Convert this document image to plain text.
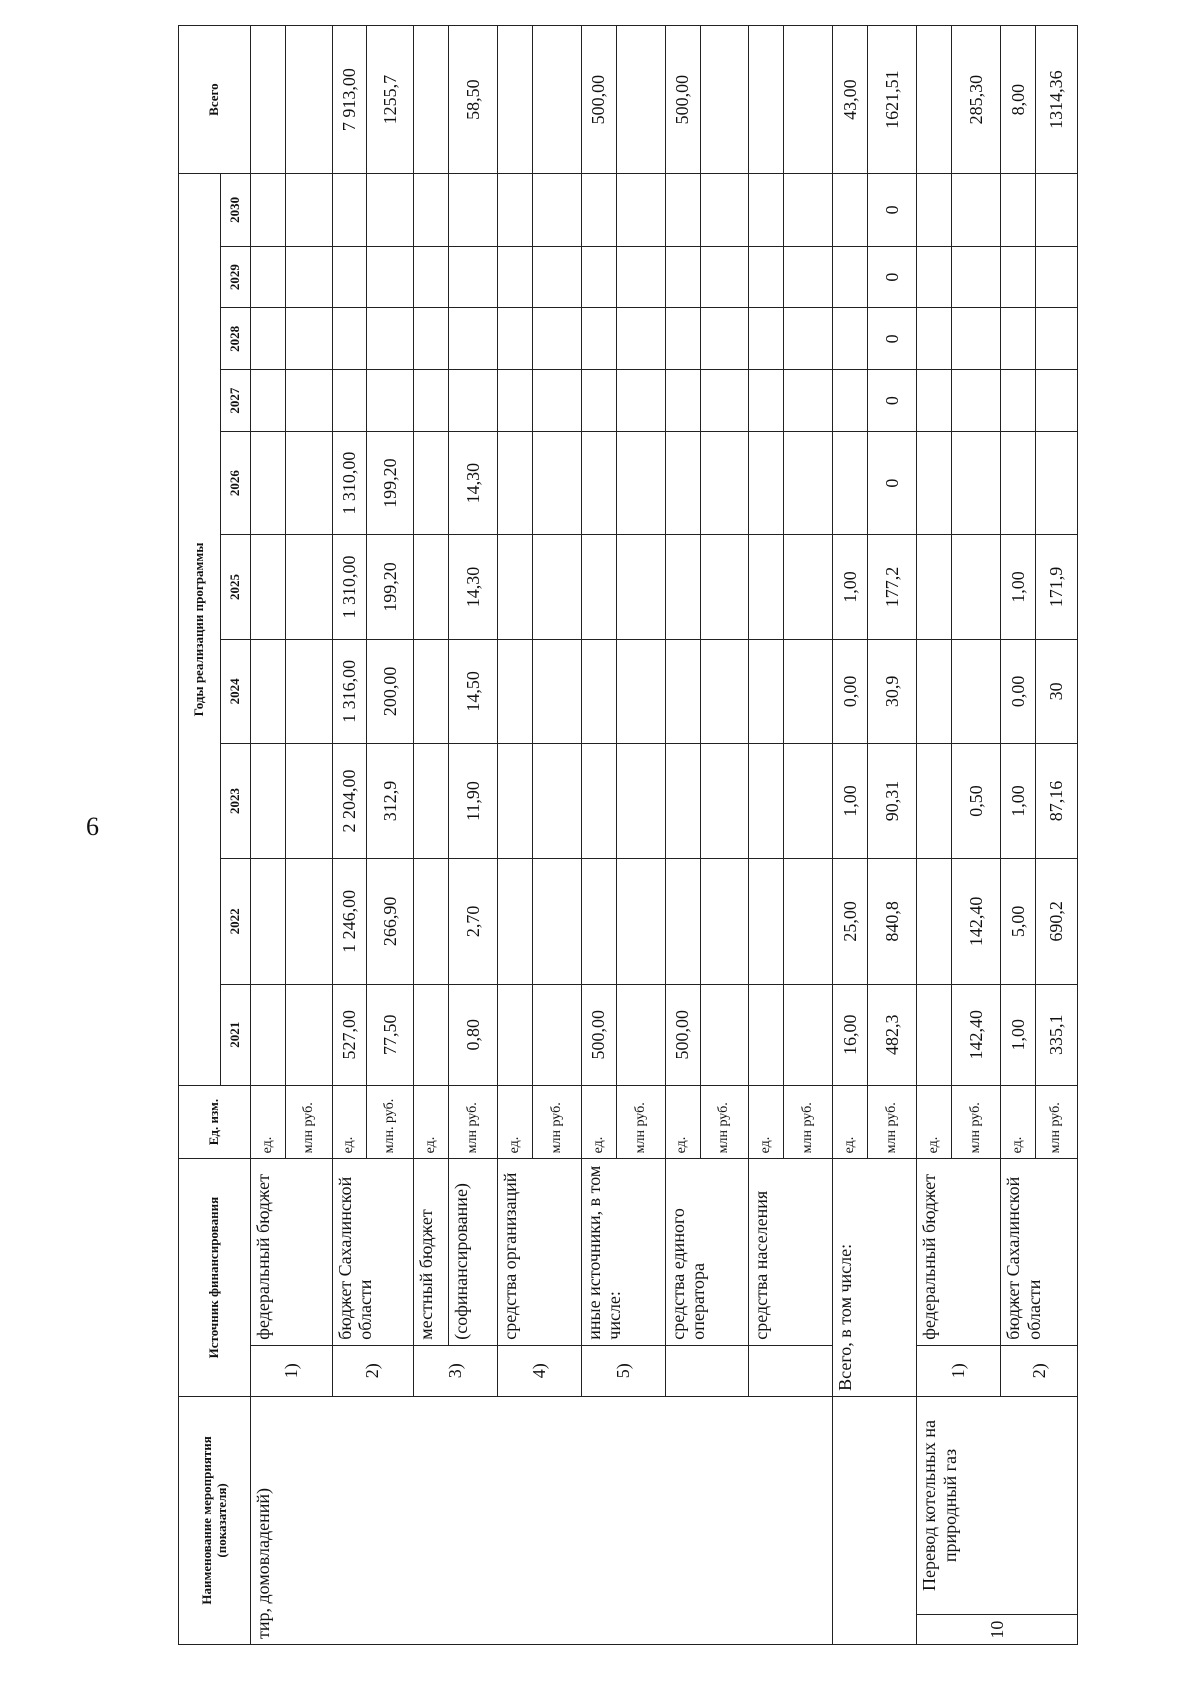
6
Наименование мероприятия (показателя)		Источник финансирования		Ед. изм.	Годы реализации программы										Всего
					2021	2022	2023	2024	2025	2026	2027	2028	2029	2030	
тир, домовладений)		1)	федеральный бюджет	ед.											
				млн руб.											
		2)	бюджет Сахалинской области	ед.	527,00	1 246,00	2 204,00	1 316,00	1 310,00	1 310,00					7 913,00
				млн. руб.	77,50	266,90	312,9	200,00	199,20	199,20					1255,7
		3)	местный бюджет	ед.											
			(софинансирование)	млн руб.	0,80	2,70	11,90	14,50	14,30	14,30					58,50
		4)	средства организаций	ед.											
				млн руб.											
		5)	иные источники, в том числе:	ед.	500,00										500,00
				млн руб.											
			средства единого оператора	ед.	500,00										500,00
				млн руб.											
			средства населения	ед.											
				млн руб.											
		Всего, в том числе:		ед.	16,00	25,00	1,00	0,00	1,00						43,00
				млн руб.	482,3	840,8	90,31	30,9	177,2	0	0	0	0	0	1621,51
10	Перевод котельных на природный газ	1)	федеральный бюджет	ед.											
				млн руб.	142,40	142,40	0,50								285,30
		2)	бюджет Сахалинской области	ед.	1,00	5,00	1,00	0,00	1,00						8,00
				млн руб.	335,1	690,2	87,16	30	171,9						1314,36
